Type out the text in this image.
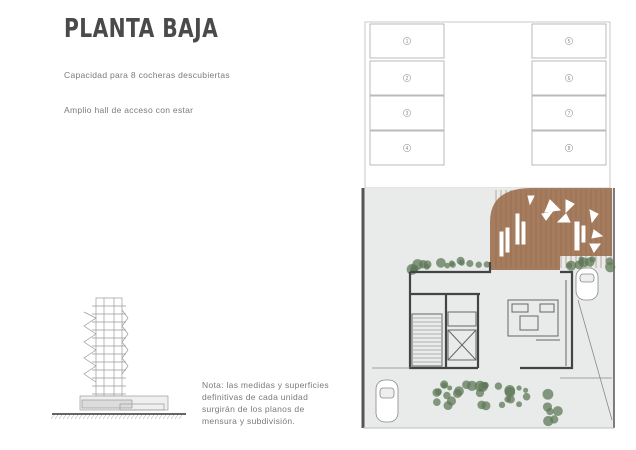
PLANTA BAJA
Capacidad para 8 cocheras descubiertas
Amplio hall de acceso con estar
Nota: las medidas y superficies
definitivas de cada unidad
surgirán de los planos de
mensura y subdivisión.
1
2
3
4
5
6
7
8
